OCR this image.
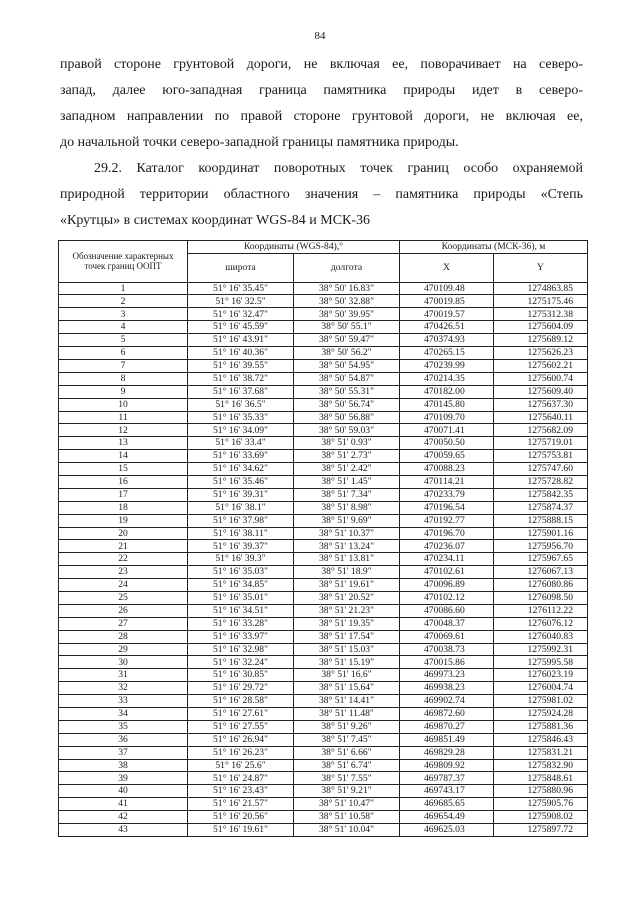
84
правой стороне грунтовой дороги, не включая ее, поворачивает на северо-
запад, далее юго-западная граница памятника природы идет в северо-
западном направлении по правой стороне грунтовой дороги, не включая ее,
до начальной точки северо-западной границы памятника природы.
29.2. Каталог координат поворотных точек границ особо охраняемой
природной территории областного значения – памятника природы «Степь
«Крутцы» в системах координат WGS-84 и МСК-36
Обозначение характерных точек границ ООПТ	Координаты (WGS-84),°		Координаты (МСК-36), м	
	широта	долгота	X	Y
1	51° 16' 35.45"	38° 50' 16.83"	470109.48	1274863.85
2	51° 16' 32.5"	38° 50' 32.88"	470019.85	1275175.46
3	51° 16' 32.47"	38° 50' 39.95"	470019.57	1275312.38
4	51° 16' 45.59"	38° 50' 55.1"	470426.51	1275604.09
5	51° 16' 43.91"	38° 50' 59.47"	470374.93	1275689.12
6	51° 16' 40.36"	38° 50' 56.2"	470265.15	1275626.23
7	51° 16' 39.55"	38° 50' 54.95"	470239.99	1275602.21
8	51° 16' 38.72"	38° 50' 54.87"	470214.35	1275600.74
9	51° 16' 37.68"	38° 50' 55.31"	470182.00	1275609.40
10	51° 16' 36.5"	38° 50' 56.74"	470145.80	1275637.30
11	51° 16' 35.33"	38° 50' 56.88"	470109.70	1275640.11
12	51° 16' 34.09"	38° 50' 59.03"	470071.41	1275682.09
13	51° 16' 33.4"	38° 51' 0.93"	470050.50	1275719.01
14	51° 16' 33.69"	38° 51' 2.73"	470059.65	1275753.81
15	51° 16' 34.62"	38° 51' 2.42"	470088.23	1275747.60
16	51° 16' 35.46"	38° 51' 1.45"	470114.21	1275728.82
17	51° 16' 39.31"	38° 51' 7.34"	470233.79	1275842.35
18	51° 16' 38.1"	38° 51' 8.98"	470196.54	1275874.37
19	51° 16' 37.98"	38° 51' 9.69"	470192.77	1275888.15
20	51° 16' 38.11"	38° 51' 10.37"	470196.70	1275901.16
21	51° 16' 39.37"	38° 51' 13.24"	470236.07	1275956.70
22	51° 16' 39.3"	38° 51' 13.81"	470234.11	1275967.65
23	51° 16' 35.03"	38° 51' 18.9"	470102.61	1276067.13
24	51° 16' 34.85"	38° 51' 19.61"	470096.89	1276080.86
25	51° 16' 35.01"	38° 51' 20.52"	470102.12	1276098.50
26	51° 16' 34.51"	38° 51' 21.23"	470086.60	1276112.22
27	51° 16' 33.28"	38° 51' 19.35"	470048.37	1276076.12
28	51° 16' 33.97"	38° 51' 17.54"	470069.61	1276040.83
29	51° 16' 32.98"	38° 51' 15.03"	470038.73	1275992.31
30	51° 16' 32.24"	38° 51' 15.19"	470015.86	1275995.58
31	51° 16' 30.85"	38° 51' 16.6"	469973.23	1276023.19
32	51° 16' 29.72"	38° 51' 15.64"	469938.23	1276004.74
33	51° 16' 28.58"	38° 51' 14.41"	469902.74	1275981.02
34	51° 16' 27.61"	38° 51' 11.48"	469872.60	1275924.28
35	51° 16' 27.55"	38° 51' 9.26"	469870.27	1275881.36
36	51° 16' 26.94"	38° 51' 7.45"	469851.49	1275846.43
37	51° 16' 26.23"	38° 51' 6.66"	469829.28	1275831.21
38	51° 16' 25.6"	38° 51' 6.74"	469809.92	1275832.90
39	51° 16' 24.87"	38° 51' 7.55"	469787.37	1275848.61
40	51° 16' 23.43"	38° 51' 9.21"	469743.17	1275880.96
41	51° 16' 21.57"	38° 51' 10.47"	469685.65	1275905.76
42	51° 16' 20.56"	38° 51' 10.58"	469654.49	1275908.02
43	51° 16' 19.61"	38° 51' 10.04"	469625.03	1275897.72
